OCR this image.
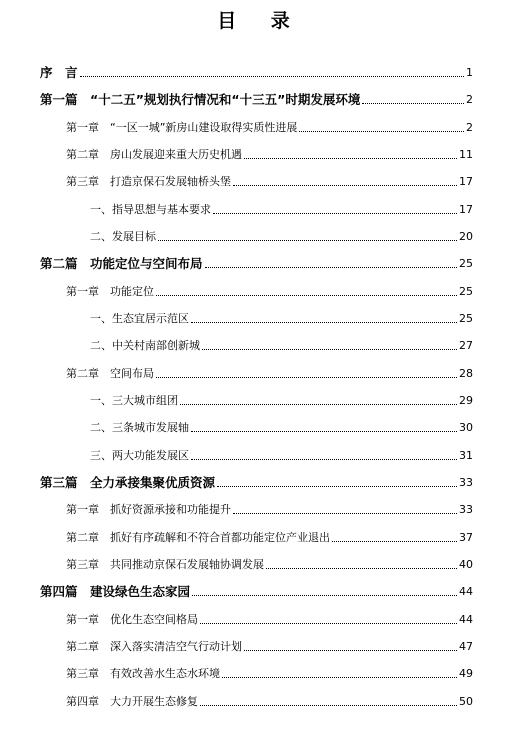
目 录
序　言	1
第一篇　“十二五”规划执行情况和“十三五”时期发展环境	2
第一章　“一区一城”新房山建设取得实质性进展	2
第二章　房山发展迎来重大历史机遇	11
第三章　打造京保石发展轴桥头堡	17
一、指导思想与基本要求	17
二、发展目标	20
第二篇　功能定位与空间布局	25
第一章　功能定位	25
一、生态宜居示范区	25
二、中关村南部创新城	27
第二章　空间布局	28
一、三大城市组团	29
二、三条城市发展轴	30
三、两大功能发展区	31
第三篇　全力承接集聚优质资源	33
第一章　抓好资源承接和功能提升	33
第二章　抓好有序疏解和不符合首都功能定位产业退出	37
第三章　共同推动京保石发展轴协调发展	40
第四篇　建设绿色生态家园	44
第一章　优化生态空间格局	44
第二章　深入落实清洁空气行动计划	47
第三章　有效改善水生态水环境	49
第四章　大力开展生态修复	50
